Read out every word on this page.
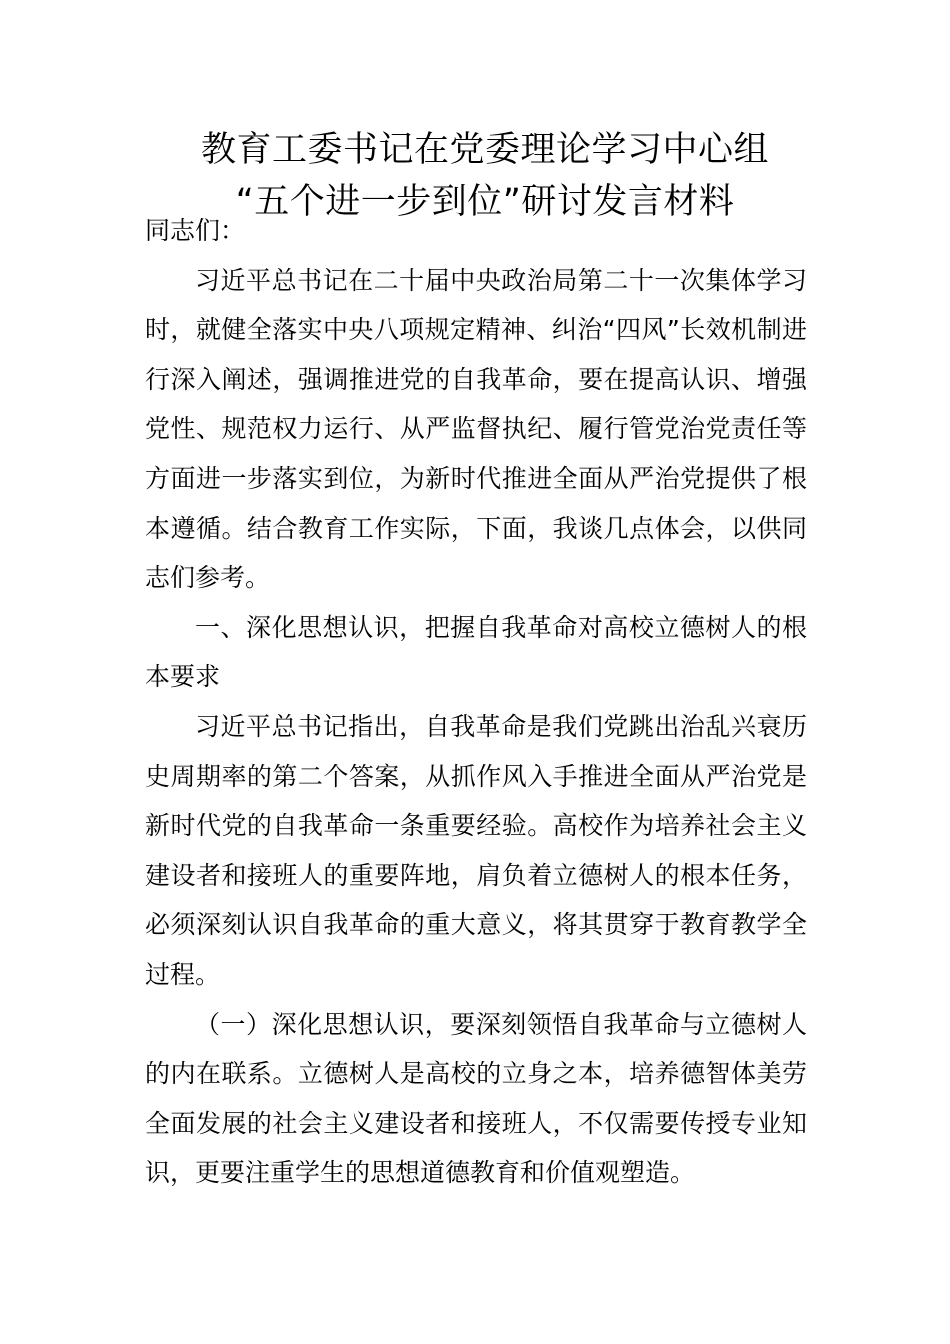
教育工委书记在党委理论学习中心组
“五个进一步到位”研讨发言材料

同志们：

习近平总书记在二十届中央政治局第二十一次集体学习时，就健全落实中央八项规定精神、纠治“四风”长效机制进行深入阐述，强调推进党的自我革命，要在提高认识、增强党性、规范权力运行、从严监督执纪、履行管党治党责任等方面进一步落实到位，为新时代推进全面从严治党提供了根本遵循。结合教育工作实际，下面，我谈几点体会，以供同志们参考。

一、深化思想认识，把握自我革命对高校立德树人的根本要求

习近平总书记指出，自我革命是我们党跳出治乱兴衰历史周期率的第二个答案，从抓作风入手推进全面从严治党是新时代党的自我革命一条重要经验。高校作为培养社会主义建设者和接班人的重要阵地，肩负着立德树人的根本任务，必须深刻认识自我革命的重大意义，将其贯穿于教育教学全过程。

（一）深化思想认识，要深刻领悟自我革命与立德树人的内在联系。立德树人是高校的立身之本，培养德智体美劳全面发展的社会主义建设者和接班人，不仅需要传授专业知识，更要注重学生的思想道德教育和价值观塑造。
